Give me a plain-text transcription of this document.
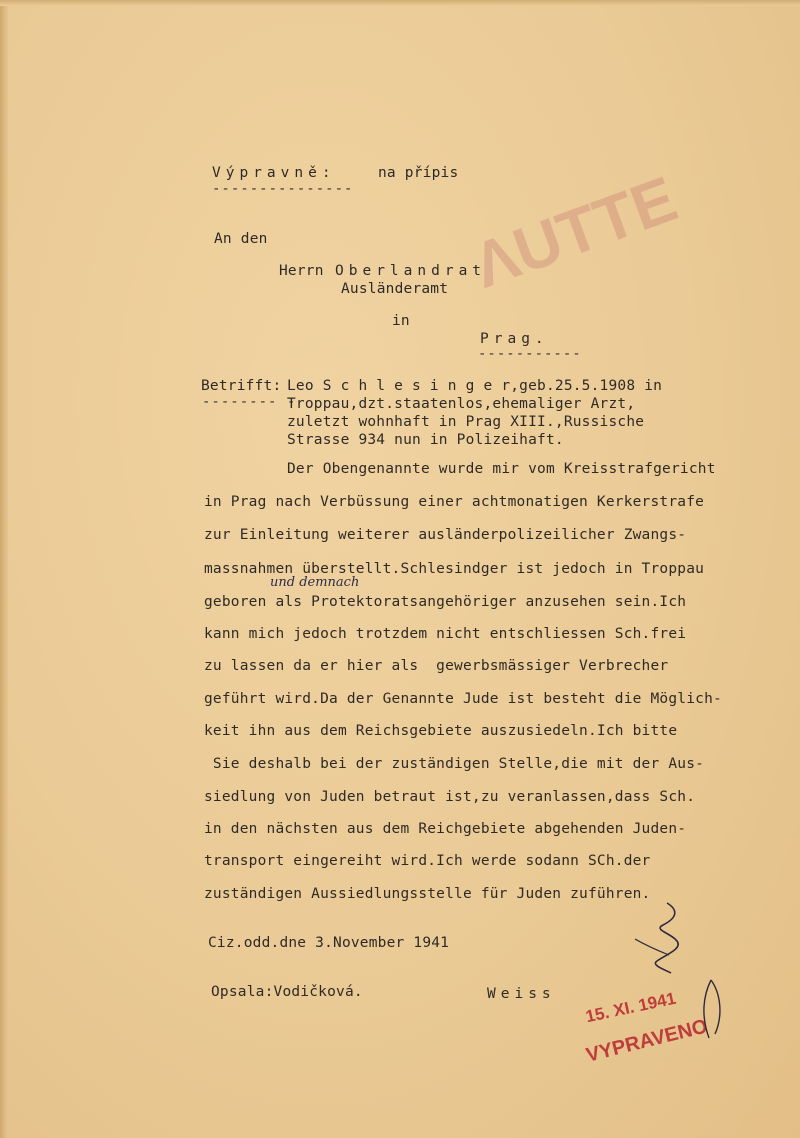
ΛUTTE
Výpravně:	na přípis
---------------
An den
Herrn Oberlandrat
Ausländeramt
in
Prag.
-----------
Betrifft:
-------- -
Leo S c h l e s i n g e r,geb.25.5.1908 in
Troppau,dzt.staatenlos,ehemaliger Arzt,
zuletzt wohnhaft in Prag XIII.,Russische
Strasse 934 nun in Polizeihaft.
Der Obengenannte wurde mir vom Kreisstrafgericht
in Prag nach Verbüssung einer achtmonatigen Kerkerstrafe
zur Einleitung weiterer ausländerpolizeilicher Zwangs-
massnahmen überstellt.Schlesindger ist jedoch in Troppau
und demnach
geboren als Protektoratsangehöriger anzusehen sein.Ich
kann mich jedoch trotzdem nicht entschliessen Sch.frei
zu lassen da er hier als  gewerbsmässiger Verbrecher
geführt wird.Da der Genannte Jude ist besteht die Möglich-
keit ihn aus dem Reichsgebiete auszusiedeln.Ich bitte
Sie deshalb bei der zuständigen Stelle,die mit der Aus-
siedlung von Juden betraut ist,zu veranlassen,dass Sch.
in den nächsten aus dem Reichgebiete abgehenden Juden-
transport eingereiht wird.Ich werde sodann SCh.der
zuständigen Aussiedlungsstelle für Juden zuführen.
Ciz.odd.dne 3.November 1941
Opsala:Vodičková.	Weiss 15. XI. 1941
VYPRAVENO
